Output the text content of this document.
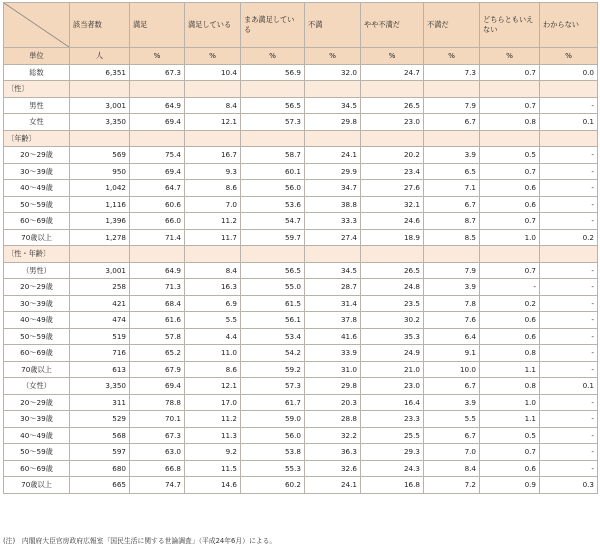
	該当者数	満足	満足している	まあ満足している	不満	やや不満だ	不満だ	どちらともいえない	わからない
単位	人	%	%	%	%	%	%	%	%
総数	6,351	67.3	10.4	56.9	32.0	24.7	7.3	0.7	0.0
〔性〕									
男性	3,001	64.9	8.4	56.5	34.5	26.5	7.9	0.7	-
女性	3,350	69.4	12.1	57.3	29.8	23.0	6.7	0.8	0.1
〔年齢〕									
20～29歳	569	75.4	16.7	58.7	24.1	20.2	3.9	0.5	-
30～39歳	950	69.4	9.3	60.1	29.9	23.4	6.5	0.7	-
40～49歳	1,042	64.7	8.6	56.0	34.7	27.6	7.1	0.6	-
50～59歳	1,116	60.6	7.0	53.6	38.8	32.1	6.7	0.6	-
60～69歳	1,396	66.0	11.2	54.7	33.3	24.6	8.7	0.7	-
70歳以上	1,278	71.4	11.7	59.7	27.4	18.9	8.5	1.0	0.2
〔性・年齢〕									
（男性）	3,001	64.9	8.4	56.5	34.5	26.5	7.9	0.7	-
20～29歳	258	71.3	16.3	55.0	28.7	24.8	3.9	-	-
30～39歳	421	68.4	6.9	61.5	31.4	23.5	7.8	0.2	-
40～49歳	474	61.6	5.5	56.1	37.8	30.2	7.6	0.6	-
50～59歳	519	57.8	4.4	53.4	41.6	35.3	6.4	0.6	-
60～69歳	716	65.2	11.0	54.2	33.9	24.9	9.1	0.8	-
70歳以上	613	67.9	8.6	59.2	31.0	21.0	10.0	1.1	-
（女性）	3,350	69.4	12.1	57.3	29.8	23.0	6.7	0.8	0.1
20～29歳	311	78.8	17.0	61.7	20.3	16.4	3.9	1.0	-
30～39歳	529	70.1	11.2	59.0	28.8	23.3	5.5	1.1	-
40～49歳	568	67.3	11.3	56.0	32.2	25.5	6.7	0.5	-
50～59歳	597	63.0	9.2	53.8	36.3	29.3	7.0	0.7	-
60～69歳	680	66.8	11.5	55.3	32.6	24.3	8.4	0.6	-
70歳以上	665	74.7	14.6	60.2	24.1	16.8	7.2	0.9	0.3
(注)　内閣府大臣官房政府広報室「国民生活に関する世論調査」（平成24年6月）による。
